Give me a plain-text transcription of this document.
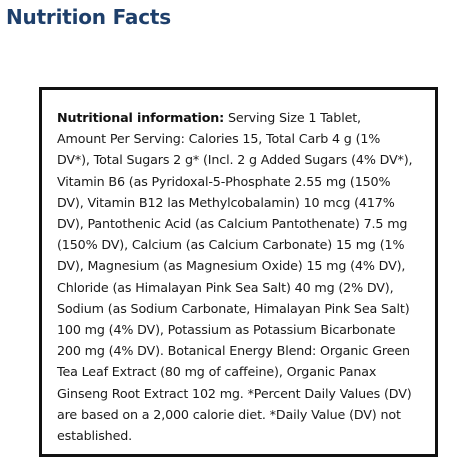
Nutrition Facts

Nutritional information: Serving Size 1 Tablet, Amount Per Serving: Calories 15, Total Carb 4 g (1% DV*), Total Sugars 2 g* (Incl. 2 g Added Sugars (4% DV*), Vitamin B6 (as Pyridoxal-5-Phosphate 2.55 mg (150% DV), Vitamin B12 las Methylcobalamin) 10 mcg (417% DV), Pantothenic Acid (as Calcium Pantothenate) 7.5 mg (150% DV), Calcium (as Calcium Carbonate) 15 mg (1% DV), Magnesium (as Magnesium Oxide) 15 mg (4% DV), Chloride (as Himalayan Pink Sea Salt) 40 mg (2% DV), Sodium (as Sodium Carbonate, Himalayan Pink Sea Salt) 100 mg (4% DV), Potassium as Potassium Bicarbonate 200 mg (4% DV). Botanical Energy Blend: Organic Green Tea Leaf Extract (80 mg of caffeine), Organic Panax Ginseng Root Extract 102 mg. *Percent Daily Values (DV) are based on a 2,000 calorie diet. *Daily Value (DV) not established.
